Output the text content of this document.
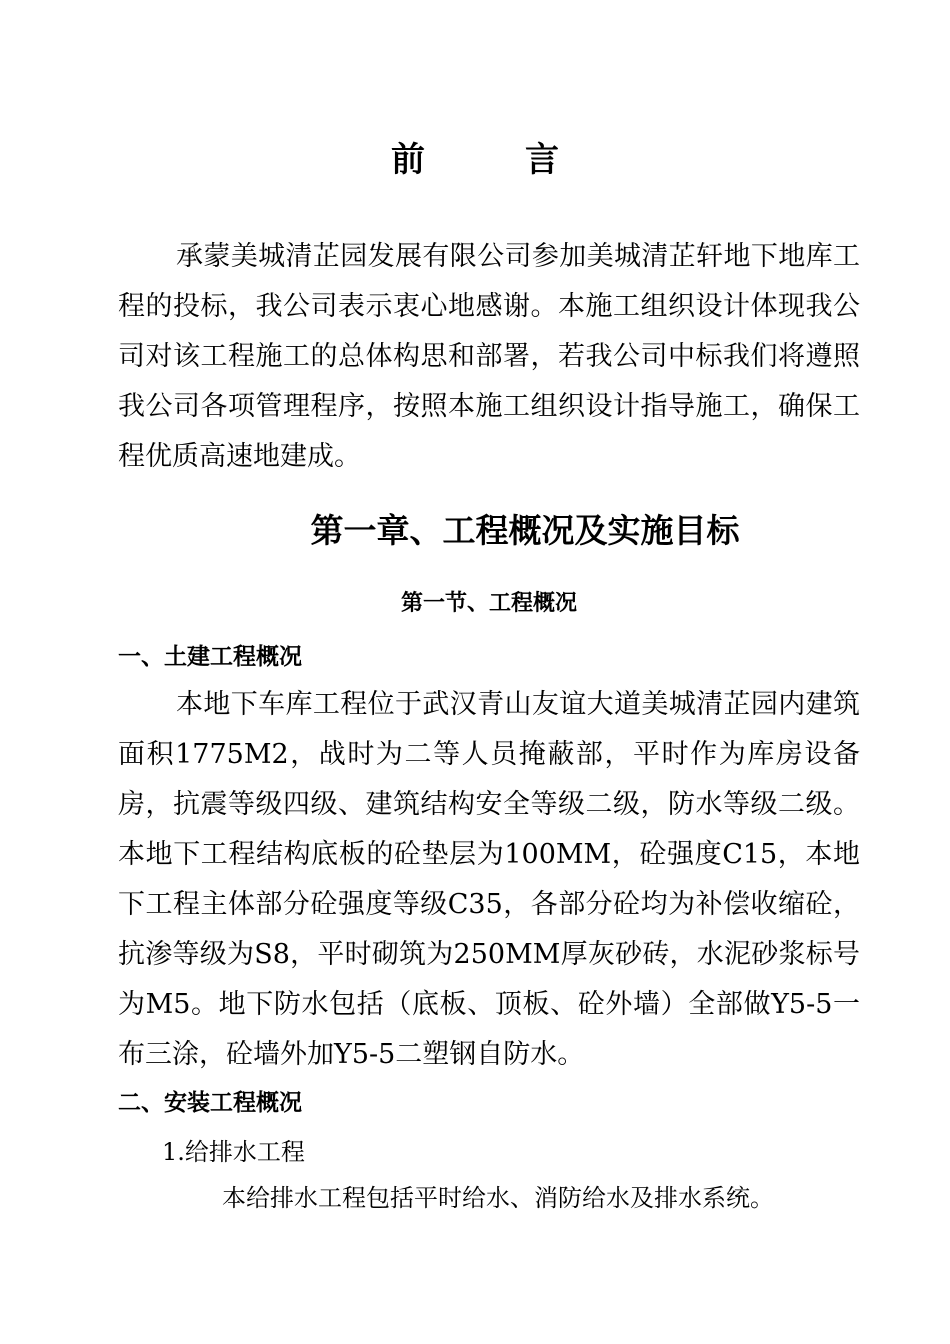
前	言

承蒙美城清芷园发展有限公司参加美城清芷轩地下地库工程的投标，我公司表示衷心地感谢。本施工组织设计体现我公司对该工程施工的总体构思和部署，若我公司中标我们将遵照我公司各项管理程序，按照本施工组织设计指导施工，确保工程优质高速地建成。

第一章、工程概况及实施目标
第一节、工程概况
一、土建工程概况

本地下车库工程位于武汉青山友谊大道美城清芷园内建筑面积1775M2，战时为二等人员掩蔽部，平时作为库房设备房，抗震等级四级、建筑结构安全等级二级，防水等级二级。本地下工程结构底板的砼垫层为100MM，砼强度C15，本地下工程主体部分砼强度等级C35，各部分砼均为补偿收缩砼，抗渗等级为S8，平时砌筑为250MM厚灰砂砖，水泥砂浆标号为M5。地下防水包括（底板、顶板、砼外墙）全部做Y5-5一布三涂，砼墙外加Y5-5二塑钢自防水。

二、安装工程概况
1.给排水工程
本给排水工程包括平时给水、消防给水及排水系统。
